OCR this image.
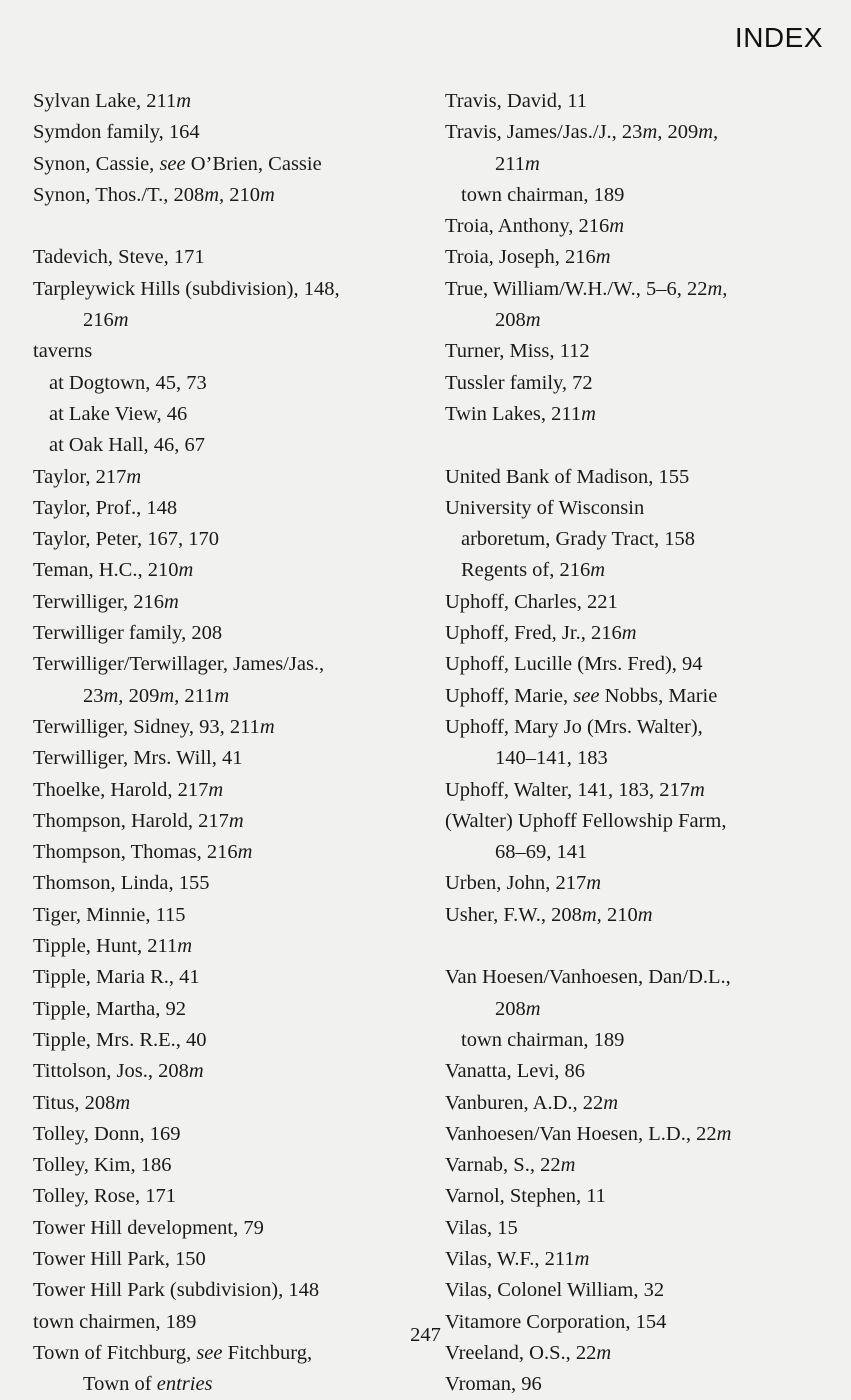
INDEX
Sylvan Lake, 211m
Symdon family, 164
Synon, Cassie, see O’Brien, Cassie
Synon, Thos./T., 208m, 210m
Tadevich, Steve, 171
Tarpleywick Hills (subdivision), 148,
216m
taverns
at Dogtown, 45, 73
at Lake View, 46
at Oak Hall, 46, 67
Taylor, 217m
Taylor, Prof., 148
Taylor, Peter, 167, 170
Teman, H.C., 210m
Terwilliger, 216m
Terwilliger family, 208
Terwilliger/Terwillager, James/Jas.,
23m, 209m, 211m
Terwilliger, Sidney, 93, 211m
Terwilliger, Mrs. Will, 41
Thoelke, Harold, 217m
Thompson, Harold, 217m
Thompson, Thomas, 216m
Thomson, Linda, 155
Tiger, Minnie, 115
Tipple, Hunt, 211m
Tipple, Maria R., 41
Tipple, Martha, 92
Tipple, Mrs. R.E., 40
Tittolson, Jos., 208m
Titus, 208m
Tolley, Donn, 169
Tolley, Kim, 186
Tolley, Rose, 171
Tower Hill development, 79
Tower Hill Park, 150
Tower Hill Park (subdivision), 148
town chairmen, 189
Town of Fitchburg, see Fitchburg,
Town of entries
Travis, David, 11
Travis, James/Jas./J., 23m, 209m,
211m
town chairman, 189
Troia, Anthony, 216m
Troia, Joseph, 216m
True, William/W.H./W., 5–6, 22m,
208m
Turner, Miss, 112
Tussler family, 72
Twin Lakes, 211m
United Bank of Madison, 155
University of Wisconsin
arboretum, Grady Tract, 158
Regents of, 216m
Uphoff, Charles, 221
Uphoff, Fred, Jr., 216m
Uphoff, Lucille (Mrs. Fred), 94
Uphoff, Marie, see Nobbs, Marie
Uphoff, Mary Jo (Mrs. Walter),
140–141, 183
Uphoff, Walter, 141, 183, 217m
(Walter) Uphoff Fellowship Farm,
68–69, 141
Urben, John, 217m
Usher, F.W., 208m, 210m
Van Hoesen/Vanhoesen, Dan/D.L.,
208m
town chairman, 189
Vanatta, Levi, 86
Vanburen, A.D., 22m
Vanhoesen/Van Hoesen, L.D., 22m
Varnab, S., 22m
Varnol, Stephen, 11
Vilas, 15
Vilas, W.F., 211m
Vilas, Colonel William, 32
Vitamore Corporation, 154
Vreeland, O.S., 22m
Vroman, 96
247
